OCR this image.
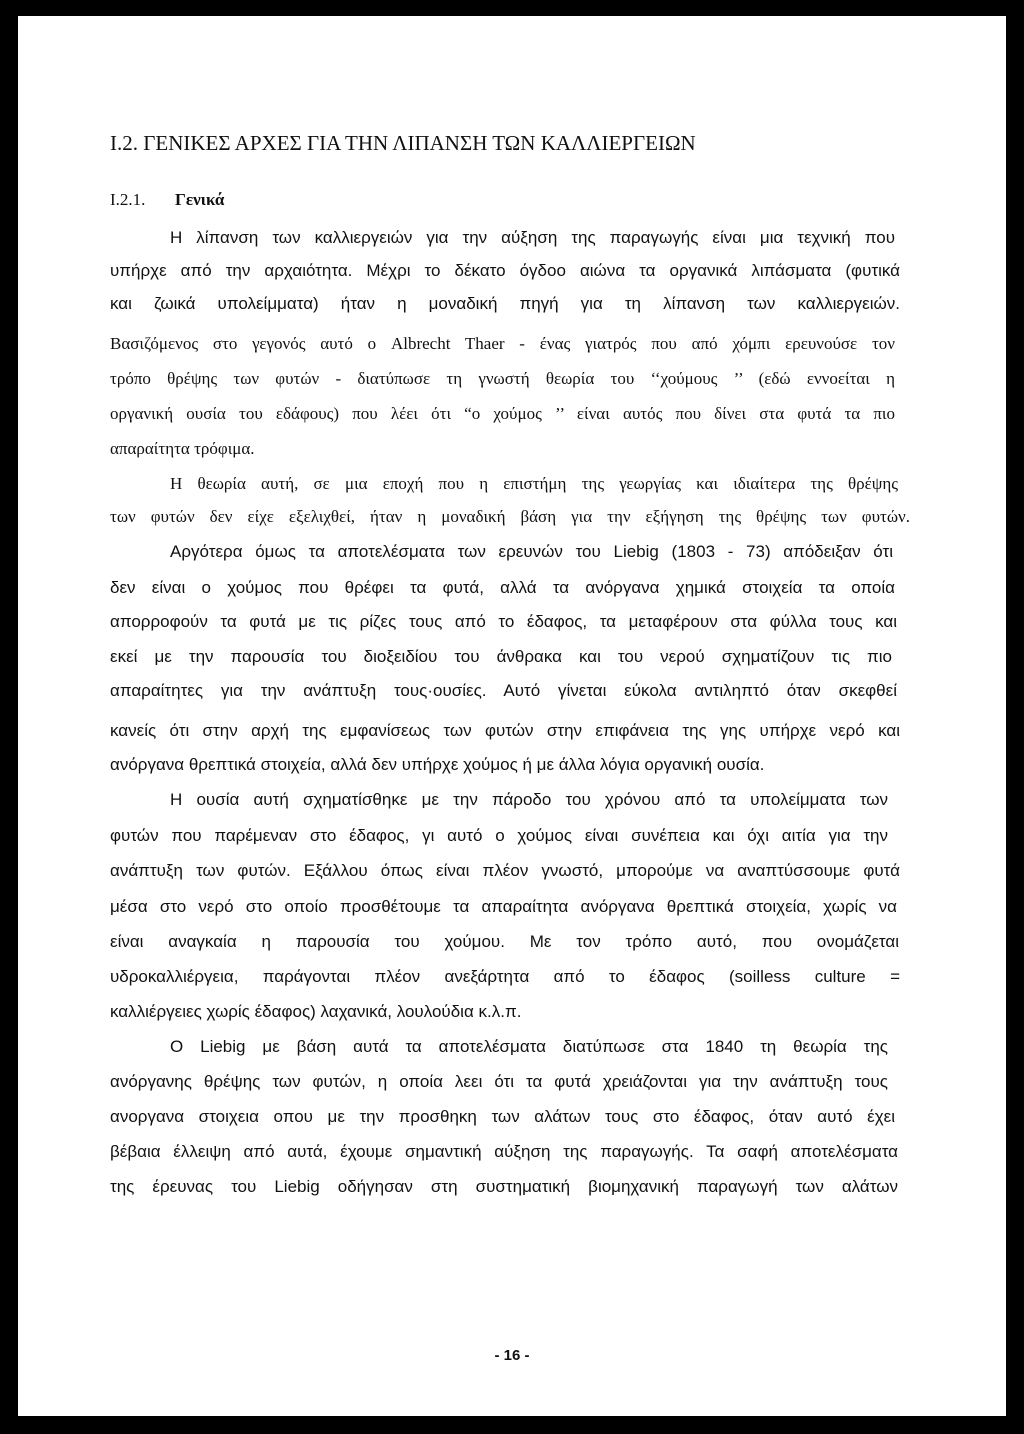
I.2. ΓΕΝΙΚΕΣ ΑΡΧΕΣ ΓΙΑ ΤΗΝ ΛΙΠΑΝΣΗ ΤΩΝ ΚΑΛΛΙΕΡΓΕΙΩΝ
I.2.1. Γενικά
Η λίπανση των καλλιεργειών για την αύξηση της παραγωγής είναι μια τεχνική που
υπήρχε από την αρχαιότητα. Μέχρι το δέκατο όγδοο αιώνα τα οργανικά λιπάσματα (φυτικά
και ζωικά υπολείμματα) ήταν η μοναδική πηγή για τη λίπανση των καλλιεργειών.
Βασιζόμενος στο γεγονός αυτό ο Albrecht Thaer - ένας γιατρός που από χόμπι ερευνούσε τον
τρόπο θρέψης των φυτών - διατύπωσε τη γνωστή θεωρία του ‘‘χούμους ’’ (εδώ εννοείται η
οργανική ουσία του εδάφους) που λέει ότι “ο χούμος ’’ είναι αυτός που δίνει στα φυτά τα πιο
απαραίτητα τρόφιμα.
Η θεωρία αυτή, σε μια εποχή που η επιστήμη της γεωργίας και ιδιαίτερα της θρέψης
των φυτών δεν είχε εξελιχθεί, ήταν η μοναδική βάση για την εξήγηση της θρέψης των φυτών.
Αργότερα όμως τα αποτελέσματα των ερευνών του Liebig (1803 - 73) απόδειξαν ότι
δεν είναι ο χούμος που θρέφει τα φυτά, αλλά τα ανόργανα χημικά στοιχεία τα οποία
απορροφούν τα φυτά με τις ρίζες τους από το έδαφος, τα μεταφέρουν στα φύλλα τους και
εκεί με την παρουσία του διοξειδίου του άνθρακα και του νερού σχηματίζουν τις πιο
απαραίτητες για την ανάπτυξη τους·ουσίες. Αυτό γίνεται εύκολα αντιληπτό όταν σκεφθεί
κανείς ότι στην αρχή της εμφανίσεως των φυτών στην επιφάνεια της γης υπήρχε νερό και
ανόργανα θρεπτικά στοιχεία, αλλά δεν υπήρχε χούμος ή με άλλα λόγια οργανική ουσία.
Η ουσία αυτή σχηματίσθηκε με την πάροδο του χρόνου από τα υπολείμματα των
φυτών που παρέμεναν στο έδαφος, γι αυτό ο χούμος είναι συνέπεια και όχι αιτία για την
ανάπτυξη των φυτών. Εξάλλου όπως είναι πλέον γνωστό, μπορούμε να αναπτύσσουμε φυτά
μέσα στο νερό στο οποίο προσθέτουμε τα απαραίτητα ανόργανα θρεπτικά στοιχεία, χωρίς να
είναι αναγκαία η παρουσία του χούμου. Με τον τρόπο αυτό, που ονομάζεται
υδροκαλλιέργεια, παράγονται πλέον ανεξάρτητα από το έδαφος (soilless culture =
καλλιέργειες χωρίς έδαφος) λαχανικά, λουλούδια κ.λ.π.
Ο Liebig με βάση αυτά τα αποτελέσματα διατύπωσε στα 1840 τη θεωρία της
ανόργανης θρέψης των φυτών, η οποία λεει ότι τα φυτά χρειάζονται για την ανάπτυξη τους
ανοργανα στοιχεια οπου με την προσθηκη των αλάτων τους στο έδαφος, όταν αυτό έχει
βέβαια έλλειψη από αυτά, έχουμε σημαντική αύξηση της παραγωγής. Τα σαφή αποτελέσματα
της έρευνας του Liebig οδήγησαν στη συστηματική βιομηχανική παραγωγή των αλάτων
- 16 -
